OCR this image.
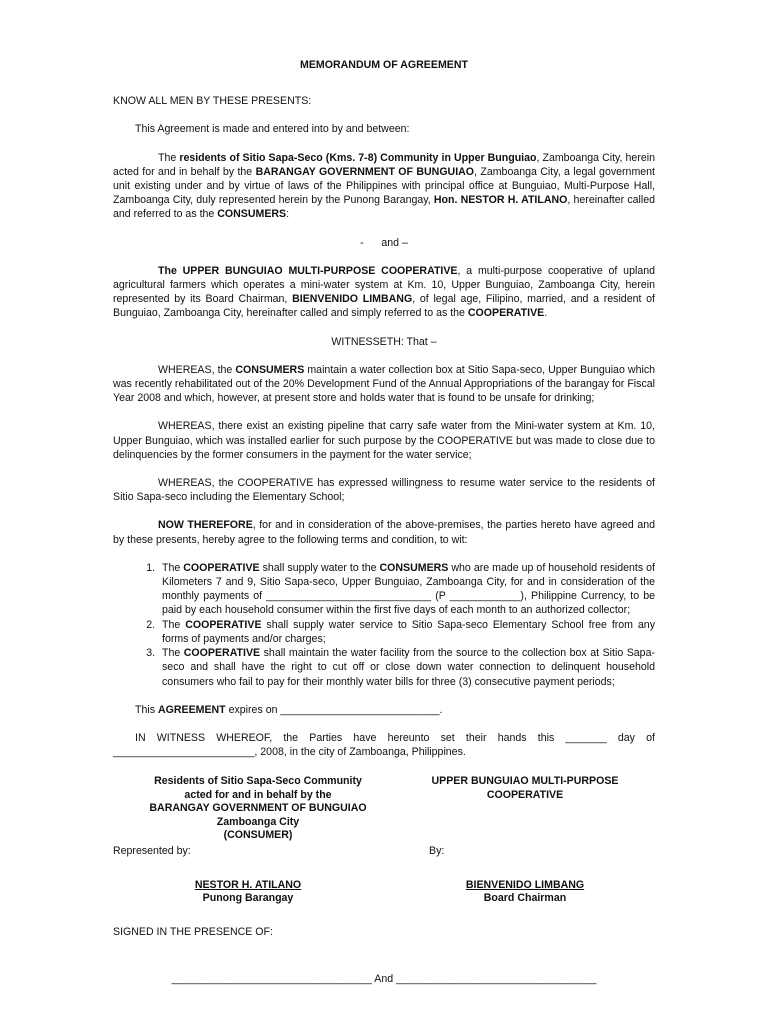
MEMORANDUM OF AGREEMENT

KNOW ALL MEN BY THESE PRESENTS:

This Agreement is made and entered into by and between:

The residents of Sitio Sapa-Seco (Kms. 7-8) Community in Upper Bunguiao, Zamboanga City, herein acted for and in behalf by the BARANGAY GOVERNMENT OF BUNGUIAO, Zamboanga City, a legal government unit existing under and by virtue of laws of the Philippines with principal office at Bunguiao, Multi-Purpose Hall, Zamboanga City, duly represented herein by the Punong Barangay, Hon. NESTOR H. ATILANO, hereinafter called and referred to as the CONSUMERS:

-      and –

The UPPER BUNGUIAO MULTI-PURPOSE COOPERATIVE, a multi-purpose cooperative of upland agricultural farmers which operates a mini-water system at Km. 10, Upper Bunguiao, Zamboanga City, herein represented by its Board Chairman, BIENVENIDO LIMBANG, of legal age, Filipino, married, and a resident of Bunguiao, Zamboanga City, hereinafter called and simply referred to as the COOPERATIVE.

WITNESSETH: That –

WHEREAS, the CONSUMERS maintain a water collection box at Sitio Sapa-seco, Upper Bunguiao which was recently rehabilitated out of the 20% Development Fund of the Annual Appropriations of the barangay for Fiscal Year 2008 and which, however, at present store and holds water that is found to be unsafe for drinking;

WHEREAS, there exist an existing pipeline that carry safe water from the Mini-water system at Km. 10, Upper Bunguiao, which was installed earlier for such purpose by the COOPERATIVE but was made to close due to delinquencies by the former consumers in the payment for the water service;

WHEREAS, the COOPERATIVE has expressed willingness to resume water service to the residents of Sitio Sapa-seco including the Elementary School;

NOW THEREFORE, for and in consideration of the above-premises, the parties hereto have agreed and by these presents, hereby agree to the following terms and condition, to wit:

1. The COOPERATIVE shall supply water to the CONSUMERS who are made up of household residents of Kilometers 7 and 9, Sitio Sapa-seco, Upper Bunguiao, Zamboanga City, for and in consideration of the monthly payments of ____________________________ (P ____________), Philippine Currency, to be paid by each household consumer within the first five days of each month to an authorized collector;
2. The COOPERATIVE shall supply water service to Sitio Sapa-seco Elementary School free from any forms of payments and/or charges;
3. The COOPERATIVE shall maintain the water facility from the source to the collection box at Sitio Sapa-seco and shall have the right to cut off or close down water connection to delinquent household consumers who fail to pay for their monthly water bills for three (3) consecutive payment periods;

This AGREEMENT expires on ___________________________.

IN WITNESS WHEREOF, the Parties have hereunto set their hands this _______ day of ________________________, 2008, in the city of Zamboanga, Philippines.

Residents of Sitio Sapa-Seco Community
acted for and in behalf by the
BARANGAY GOVERNMENT OF BUNGUIAO
Zamboanga City
(CONSUMER)
UPPER BUNGUIAO MULTI-PURPOSE
COOPERATIVE
Represented by:	By:
NESTOR H. ATILANO
Punong Barangay
BIENVENIDO LIMBANG
Board Chairman

SIGNED IN THE PRESENCE OF:

__________________________________ And __________________________________
